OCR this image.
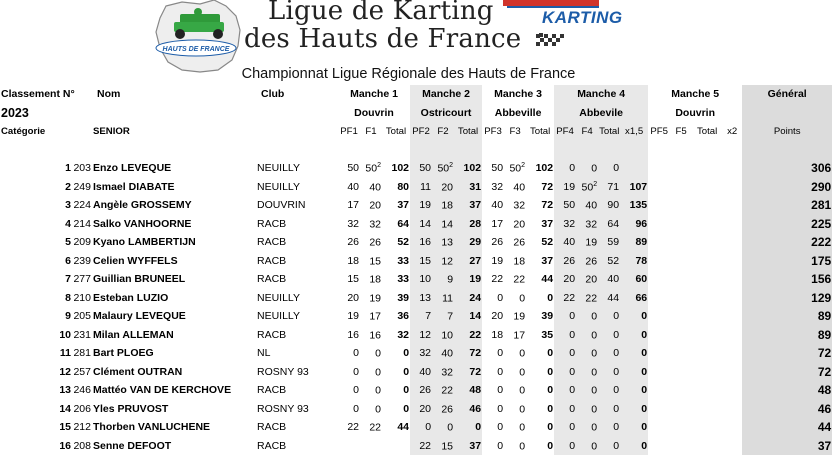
HAUTS DE FRANCE
Ligue de Karting
des Hauts de France
KARTING
Championnat Ligue Régionale des Hauts de France
Classement N°		Nom	Club	Manche 1			Manche 2			Manche 3			Manche 4				Manche 5				Général
2023				Douvrin			Ostricourt			Abbeville			Abbevile				Douvrin				
Catégorie		SENIOR		PF1	F1	Total	PF2	F2	Total	PF3	F3	Total	PF4	F4	Total	x1,5	PF5	F5	Total	x2	Points

1	203	Enzo LEVEQUE	NEUILLY	50	$50^2$	102	50	$50^2$	102	50	$50^2$	102	0	0	0						306
2	249	Ismael DIABATE	NEUILLY	40	40	80	11	20	31	32	40	72	19	$50^2$	71	107					290
3	224	Angèle GROSSEMY	DOUVRIN	17	20	37	19	18	37	40	32	72	50	40	90	135					281
4	214	Salko VANHOORNE	RACB	32	32	64	14	14	28	17	20	37	32	32	64	96					225
5	209	Kyano LAMBERTIJN	RACB	26	26	52	16	13	29	26	26	52	40	19	59	89					222
6	239	Celien WYFFELS	RACB	18	15	33	15	12	27	19	18	37	26	26	52	78					175
7	277	Guillian BRUNEEL	RACB	15	18	33	10	9	19	22	22	44	20	20	40	60					156
8	210	Esteban LUZIO	NEUILLY	20	19	39	13	11	24	0	0	0	22	22	44	66					129
9	205	Malaury LEVEQUE	NEUILLY	19	17	36	7	7	14	20	19	39	0	0	0	0					89
10	231	Milan ALLEMAN	RACB	16	16	32	12	10	22	18	17	35	0	0	0	0					89
11	281	Bart PLOEG	NL	0	0	0	32	40	72	0	0	0	0	0	0	0					72
12	257	Clément OUTRAN	ROSNY 93	0	0	0	40	32	72	0	0	0	0	0	0	0					72
13	246	Mattéo VAN DE KERCHOVE	RACB	0	0	0	26	22	48	0	0	0	0	0	0	0					48
14	206	Yles PRUVOST	ROSNY 93	0	0	0	20	26	46	0	0	0	0	0	0	0					46
15	212	Thorben VANLUCHENE	RACB	22	22	44	0	0	0	0	0	0	0	0	0	0					44
16	208	Senne DEFOOT	RACB				22	15	37	0	0	0	0	0	0	0					37
